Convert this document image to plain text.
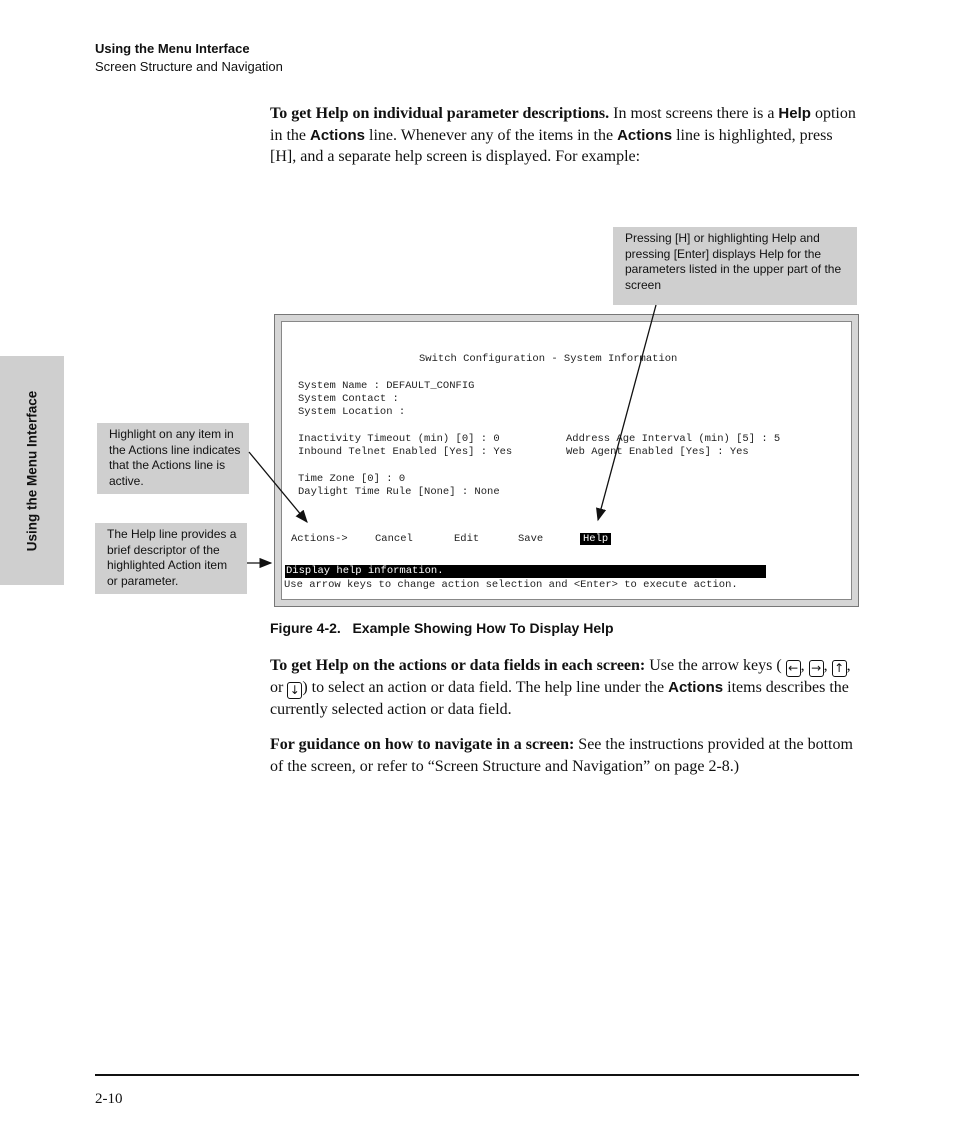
Using the Menu Interface
Screen Structure and Navigation
Using the Menu Interface
To get Help on individual parameter descriptions. In most screens there is a Help option in the Actions line. Whenever any of the items in the Actions line is highlighted, press [H], and a separate help screen is displayed. For example:
Pressing [H] or highlighting Help and pressing [Enter] displays Help for the parameters listed in the upper part of the screen
Highlight on any item in the Actions line indicates that the Actions line is active.
The Help line provides a brief descriptor of the highlighted Action item or parameter.
Switch Configuration - System Information
System Name : DEFAULT_CONFIG
System Contact :
System Location :
Inactivity Timeout (min) [0] : 0	Address Age Interval (min) [5] : 5
Inbound Telnet Enabled [Yes] : Yes	Web Agent Enabled [Yes] : Yes
Time Zone [0] : 0
Daylight Time Rule [None] : None
Actions->	Cancel	Edit	Save	Help
Display help information.
Use arrow keys to change action selection and <Enter> to execute action.
Figure 4-2.   Example Showing How To Display Help
To get Help on the actions or data fields in each screen: Use the arrow keys ( ← , → , ↑ , or ↓ ) to select an action or data field. The help line under the Actions items describes the currently selected action or data field.
For guidance on how to navigate in a screen: See the instructions provided at the bottom of the screen, or refer to “Screen Structure and Navigation” on page 2-8.)
2-10
